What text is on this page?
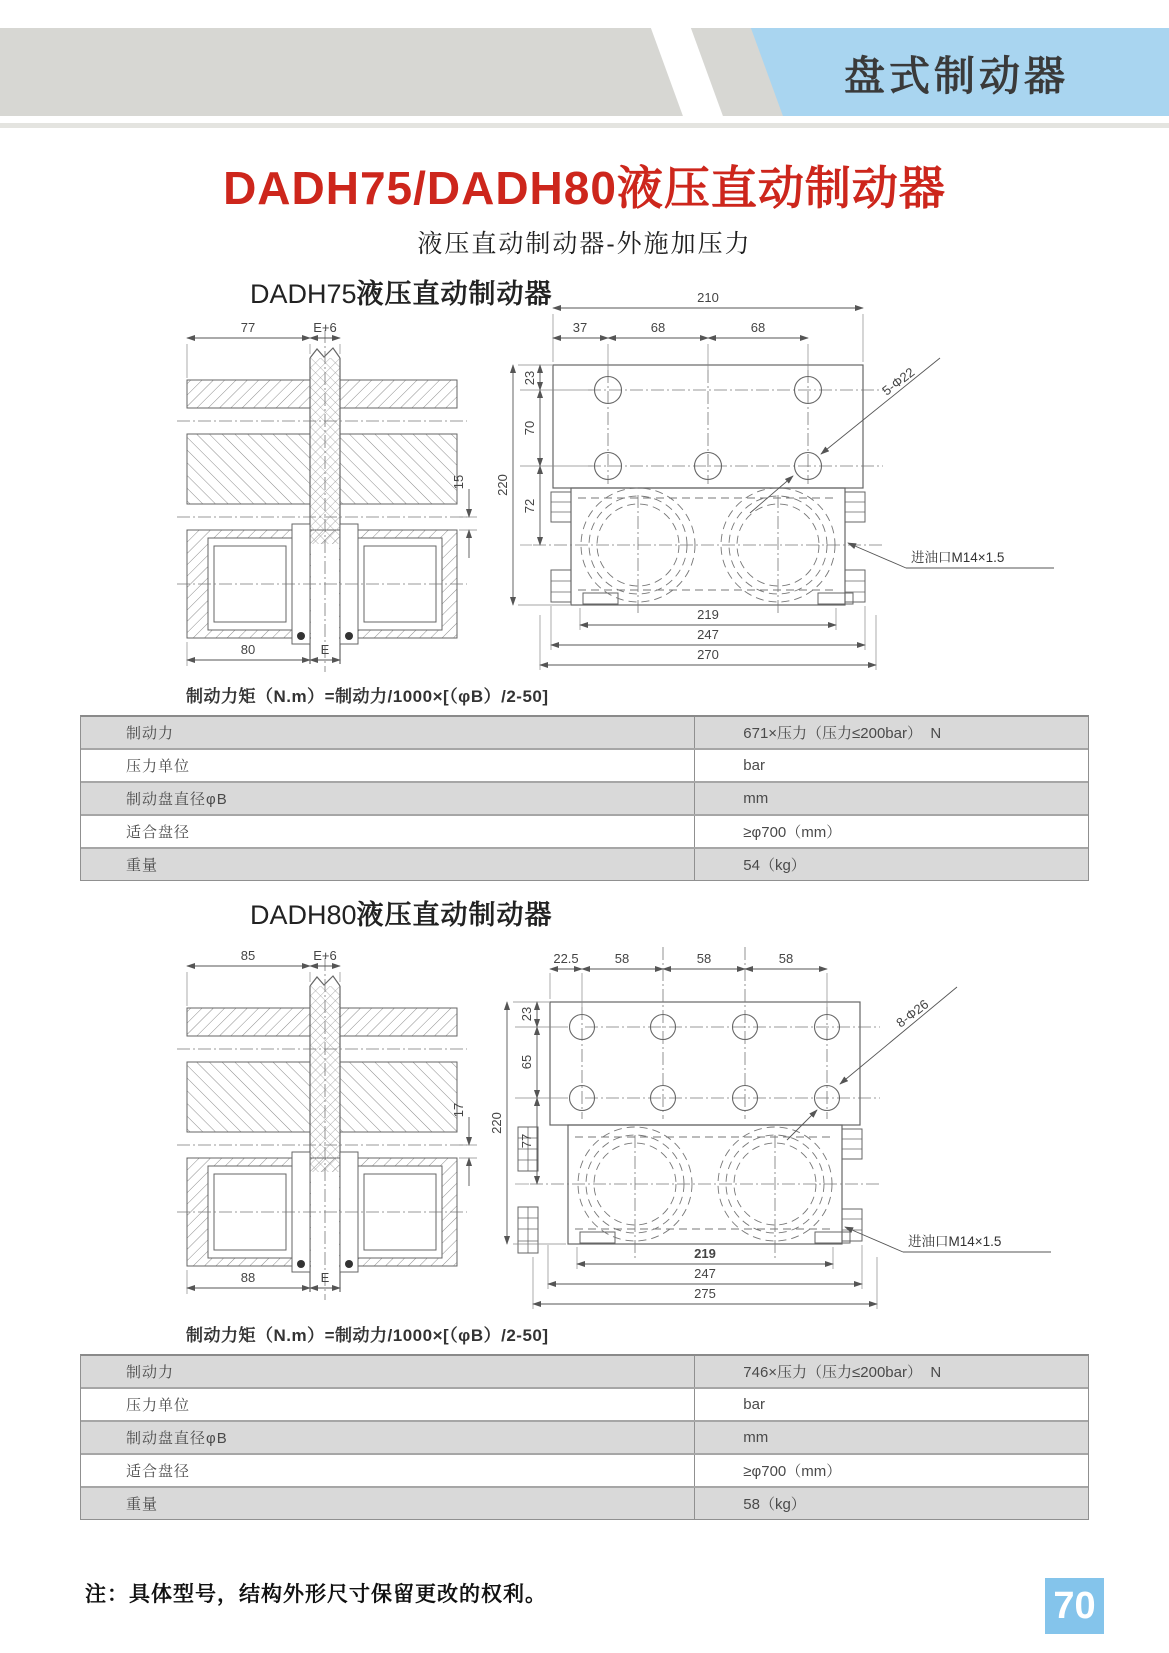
盘式制动器
DADH75/DADH80液压直动制动器
液压直动制动器-外施加压力
DADH75液压直动制动器
77	E+6
15
80	E
210
37	68	68
220
23
70
72
219
247
270
5-Φ22
进油口M14×1.5
制动力矩（N.m）=制动力/1000×[（φB）/2-50]
制动力	671×压力（压力≤200bar）  N
压力单位	bar
制动盘直径φB	mm
适合盘径	≥φ700（mm）
重量	54（kg）
DADH80液压直动制动器
85	E+6
17
88	E
22.5	58	58	58
220
23
65
77
219
247
275
8-Φ26
进油口M14×1.5
制动力矩（N.m）=制动力/1000×[（φB）/2-50]
制动力	746×压力（压力≤200bar）  N
压力单位	bar
制动盘直径φB	mm
适合盘径	≥φ700（mm）
重量	58（kg）
注：具体型号，结构外形尺寸保留更改的权利。	70
